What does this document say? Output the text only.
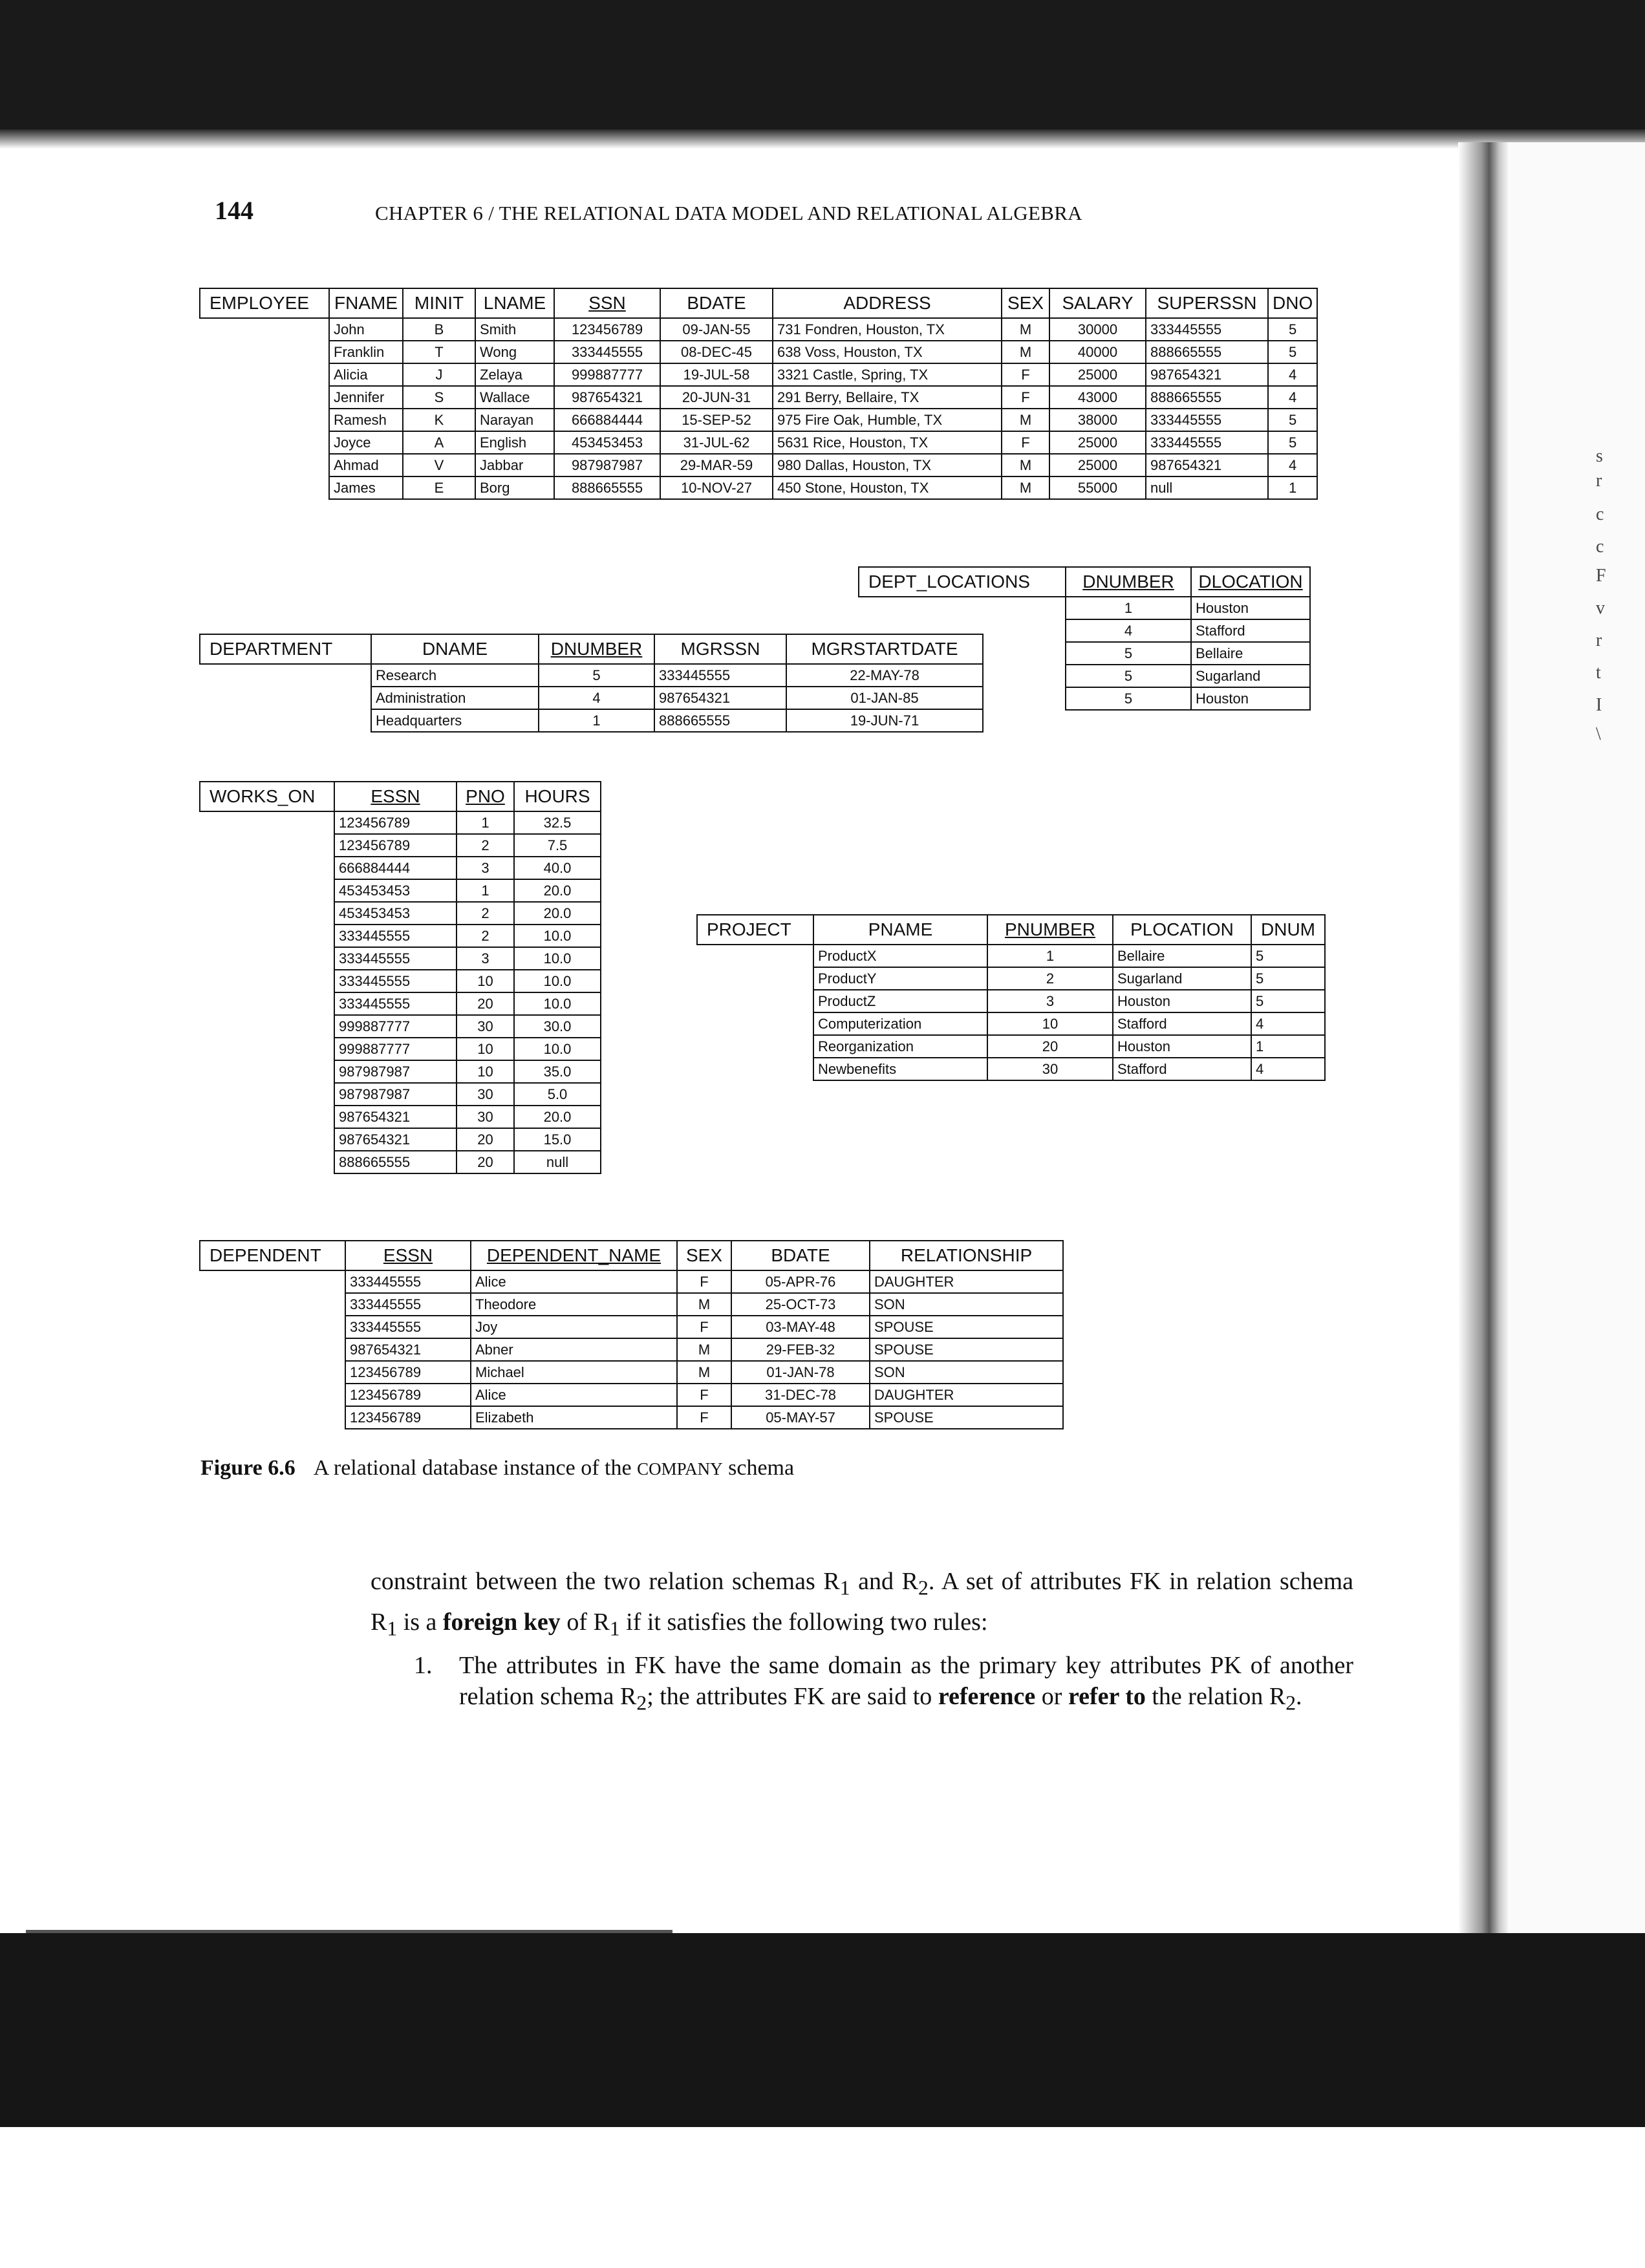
s
r
c
c
F
v
r
t
I
\
144	CHAPTER 6 / THE RELATIONAL DATA MODEL AND RELATIONAL ALGEBRA
EMPLOYEE	FNAME	MINIT	LNAME	SSN	BDATE	ADDRESS	SEX	SALARY	SUPERSSN	DNO
	John	B	Smith	123456789	09-JAN-55	731 Fondren, Houston, TX	M	30000	333445555	5
	Franklin	T	Wong	333445555	08-DEC-45	638 Voss, Houston, TX	M	40000	888665555	5
	Alicia	J	Zelaya	999887777	19-JUL-58	3321 Castle, Spring, TX	F	25000	987654321	4
	Jennifer	S	Wallace	987654321	20-JUN-31	291 Berry, Bellaire, TX	F	43000	888665555	4
	Ramesh	K	Narayan	666884444	15-SEP-52	975 Fire Oak, Humble, TX	M	38000	333445555	5
	Joyce	A	English	453453453	31-JUL-62	5631 Rice, Houston, TX	F	25000	333445555	5
	Ahmad	V	Jabbar	987987987	29-MAR-59	980 Dallas, Houston, TX	M	25000	987654321	4
	James	E	Borg	888665555	10-NOV-27	450 Stone, Houston, TX	M	55000	null	1
DEPT_LOCATIONS	DNUMBER	DLOCATION
	1	Houston
	4	Stafford
	5	Bellaire
	5	Sugarland
	5	Houston
DEPARTMENT	DNAME	DNUMBER	MGRSSN	MGRSTARTDATE
	Research	5	333445555	22-MAY-78
	Administration	4	987654321	01-JAN-85
	Headquarters	1	888665555	19-JUN-71
WORKS_ON	ESSN	PNO	HOURS
	123456789	1	32.5
	123456789	2	7.5
	666884444	3	40.0
	453453453	1	20.0
	453453453	2	20.0
	333445555	2	10.0
	333445555	3	10.0
	333445555	10	10.0
	333445555	20	10.0
	999887777	30	30.0
	999887777	10	10.0
	987987987	10	35.0
	987987987	30	5.0
	987654321	30	20.0
	987654321	20	15.0
	888665555	20	null
PROJECT	PNAME	PNUMBER	PLOCATION	DNUM
	ProductX	1	Bellaire	5
	ProductY	2	Sugarland	5
	ProductZ	3	Houston	5
	Computerization	10	Stafford	4
	Reorganization	20	Houston	1
	Newbenefits	30	Stafford	4
DEPENDENT	ESSN	DEPENDENT_NAME	SEX	BDATE	RELATIONSHIP
	333445555	Alice	F	05-APR-76	DAUGHTER
	333445555	Theodore	M	25-OCT-73	SON
	333445555	Joy	F	03-MAY-48	SPOUSE
	987654321	Abner	M	29-FEB-32	SPOUSE
	123456789	Michael	M	01-JAN-78	SON
	123456789	Alice	F	31-DEC-78	DAUGHTER
	123456789	Elizabeth	F	05-MAY-57	SPOUSE
Figure 6.6 A relational database instance of the COMPANY schema
constraint between the two relation schemas $R_1$ and $R_2$. A set of attributes FK in relation schema $R_1$ is a foreign key of $R_1$ if it satisfies the following two rules:
1. The attributes in FK have the same domain as the primary key attributes PK of another relation schema $R_2$; the attributes FK are said to reference or refer to the relation $R_2$.
